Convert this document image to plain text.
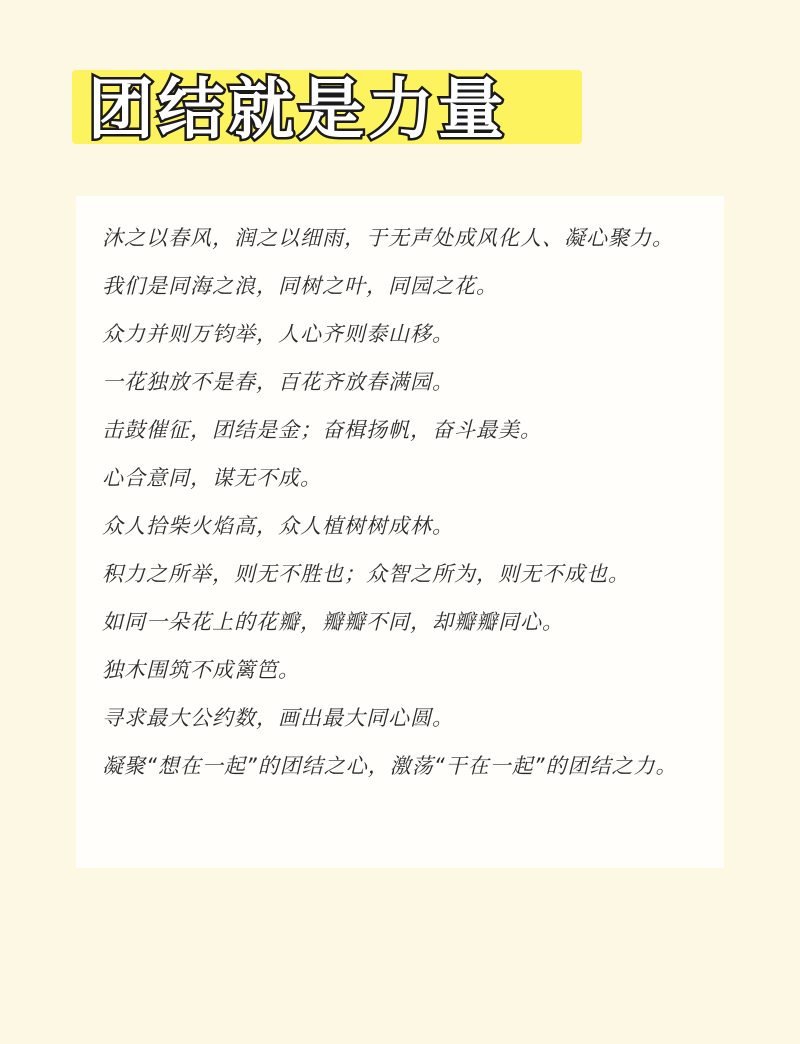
团结就是力量
沐之以春风，润之以细雨，于无声处成风化人、凝心聚力。
我们是同海之浪，同树之叶，同园之花。
众力并则万钧举，人心齐则泰山移。
一花独放不是春，百花齐放春满园。
击鼓催征，团结是金；奋楫扬帆，奋斗最美。
心合意同，谋无不成。
众人拾柴火焰高，众人植树树成林。
积力之所举，则无不胜也；众智之所为，则无不成也。
如同一朵花上的花瓣，瓣瓣不同，却瓣瓣同心。
独木围筑不成篱笆。
寻求最大公约数，画出最大同心圆。
凝聚“想在一起”的团结之心，激荡“干在一起”的团结之力。
